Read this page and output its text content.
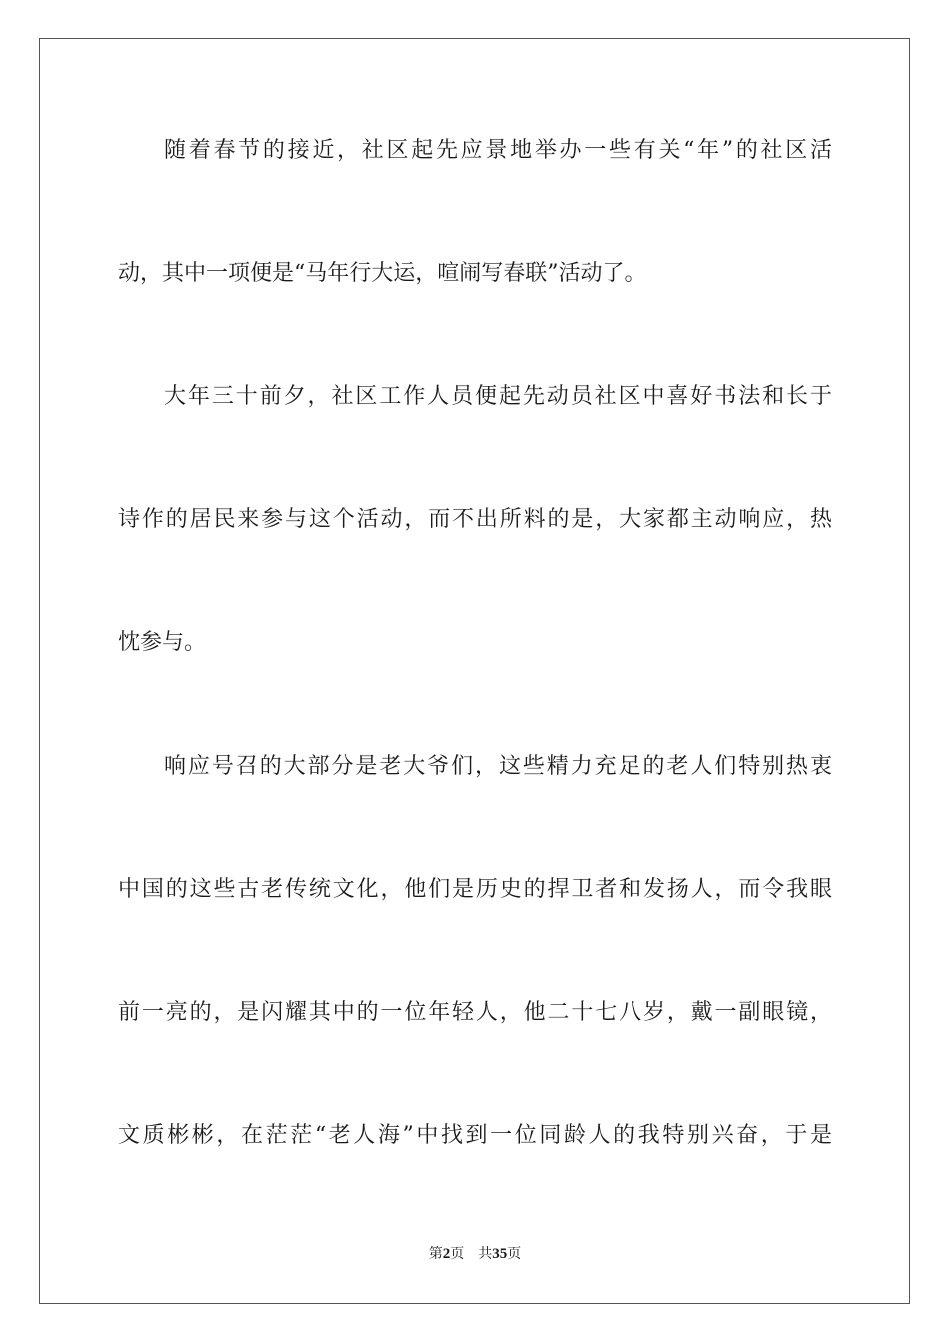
随着春节的接近，社区起先应景地举办一些有关“年”的社区活
动，其中一项便是“马年行大运，喧闹写春联”活动了。
大年三十前夕，社区工作人员便起先动员社区中喜好书法和长于
诗作的居民来参与这个活动，而不出所料的是，大家都主动响应，热
忱参与。
响应号召的大部分是老大爷们，这些精力充足的老人们特别热衷
中国的这些古老传统文化，他们是历史的捍卫者和发扬人，而令我眼
前一亮的，是闪耀其中的一位年轻人，他二十七八岁，戴一副眼镜，
文质彬彬，在茫茫“老人海”中找到一位同龄人的我特别兴奋，于是
第2页 共35页
